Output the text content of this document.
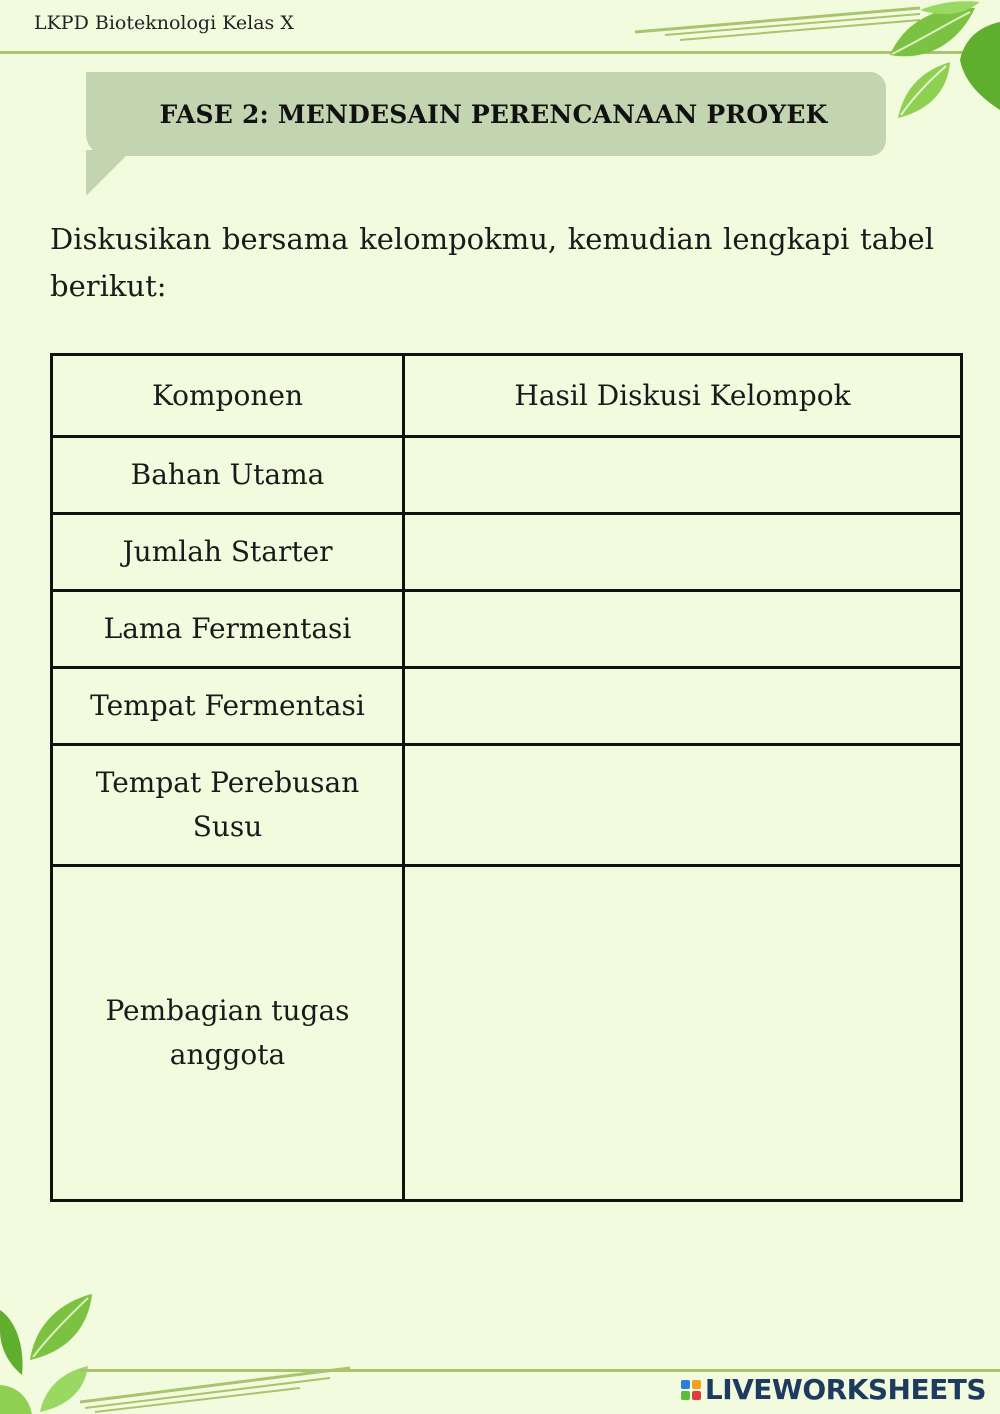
LKPD Bioteknologi Kelas X
FASE 2: MENDESAIN PERENCANAAN PROYEK

Diskusikan bersama kelompokmu, kemudian lengkapi tabel berikut:

Komponen	Hasil Diskusi Kelompok
Bahan Utama	
Jumlah Starter	
Lama Fermentasi	
Tempat Fermentasi	
Tempat Perebusan Susu	
Pembagian tugas anggota	
LIVEWORKSHEETS
